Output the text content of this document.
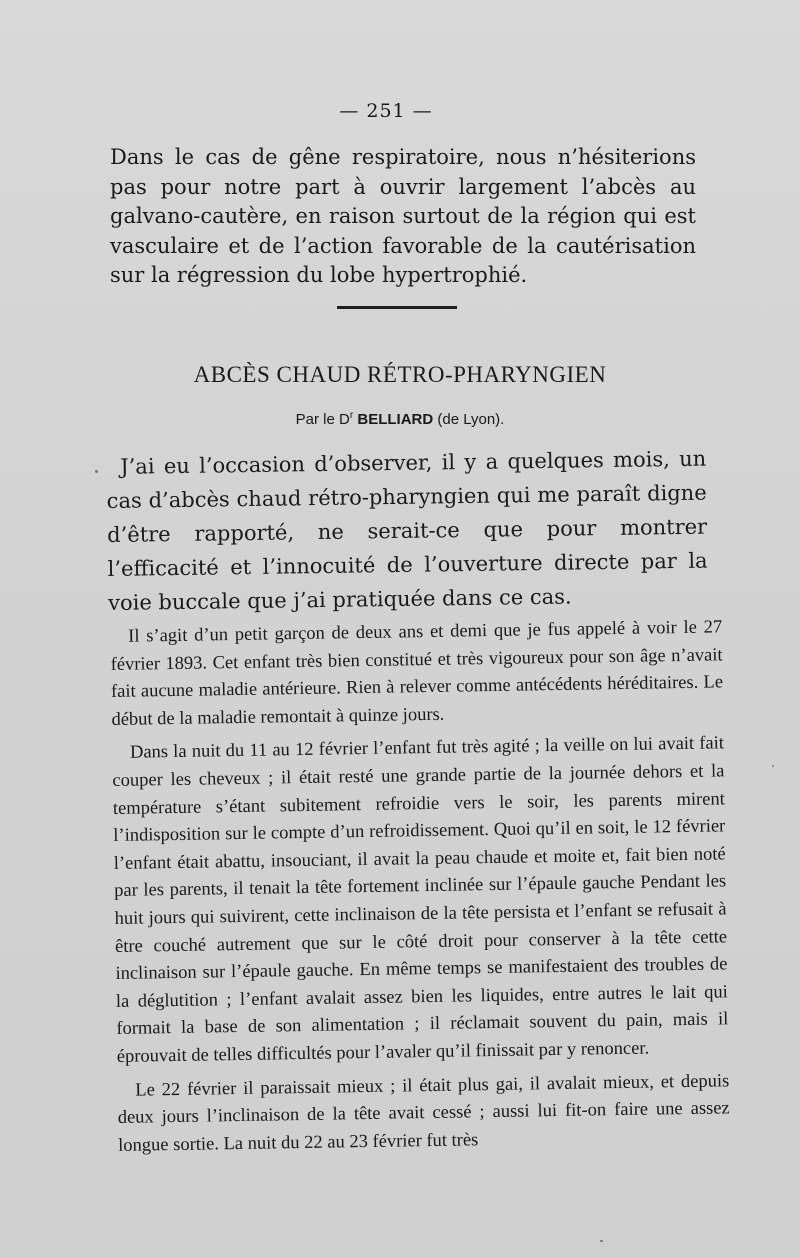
— 251 —
Dans le cas de gêne respiratoire, nous n’hésiterions pas pour notre part à ouvrir largement l’abcès au galvano-cautère, en raison surtout de la région qui est vasculaire et de l’action favorable de la cautérisation sur la régression du lobe hypertrophié.
ABCÈS CHAUD RÉTRO-PHARYNGIEN
Par le $D^r$ BELLIARD (de Lyon).

J’ai eu l’occasion d’observer, il y a quelques mois, un cas d’abcès chaud rétro-pharyngien qui me paraît digne d’être rapporté, ne serait-ce que pour montrer l’efficacité et l’innocuité de l’ouverture directe par la voie buccale que j’ai pratiquée dans ce cas.

Il s’agit d’un petit garçon de deux ans et demi que je fus appelé à voir le 27 février 1893. Cet enfant très bien constitué et très vigoureux pour son âge n’avait fait aucune maladie antérieure. Rien à relever comme antécédents héréditaires. Le début de la maladie remontait à quinze jours.

Dans la nuit du 11 au 12 février l’enfant fut très agité ; la veille on lui avait fait couper les cheveux ; il était resté une grande partie de la journée dehors et la température s’étant subitement refroidie vers le soir, les parents mirent l’indisposition sur le compte d’un refroidissement. Quoi qu’il en soit, le 12 février l’enfant était abattu, insouciant, il avait la peau chaude et moite et, fait bien noté par les parents, il tenait la tête fortement inclinée sur l’épaule gauche Pendant les huit jours qui suivirent, cette inclinaison de la tête persista et l’enfant se refusait à être couché autrement que sur le côté droit pour conserver à la tête cette inclinaison sur l’épaule gauche. En même temps se manifestaient des troubles de la déglutition ; l’enfant avalait assez bien les liquides, entre autres le lait qui formait la base de son alimentation ; il réclamait souvent du pain, mais il éprouvait de telles difficultés pour l’avaler qu’il finissait par y renoncer.

Le 22 février il paraissait mieux ; il était plus gai, il avalait mieux, et depuis deux jours l’inclinaison de la tête avait cessé ; aussi lui fit-on faire une assez longue sortie. La nuit du 22 au 23 février fut très
